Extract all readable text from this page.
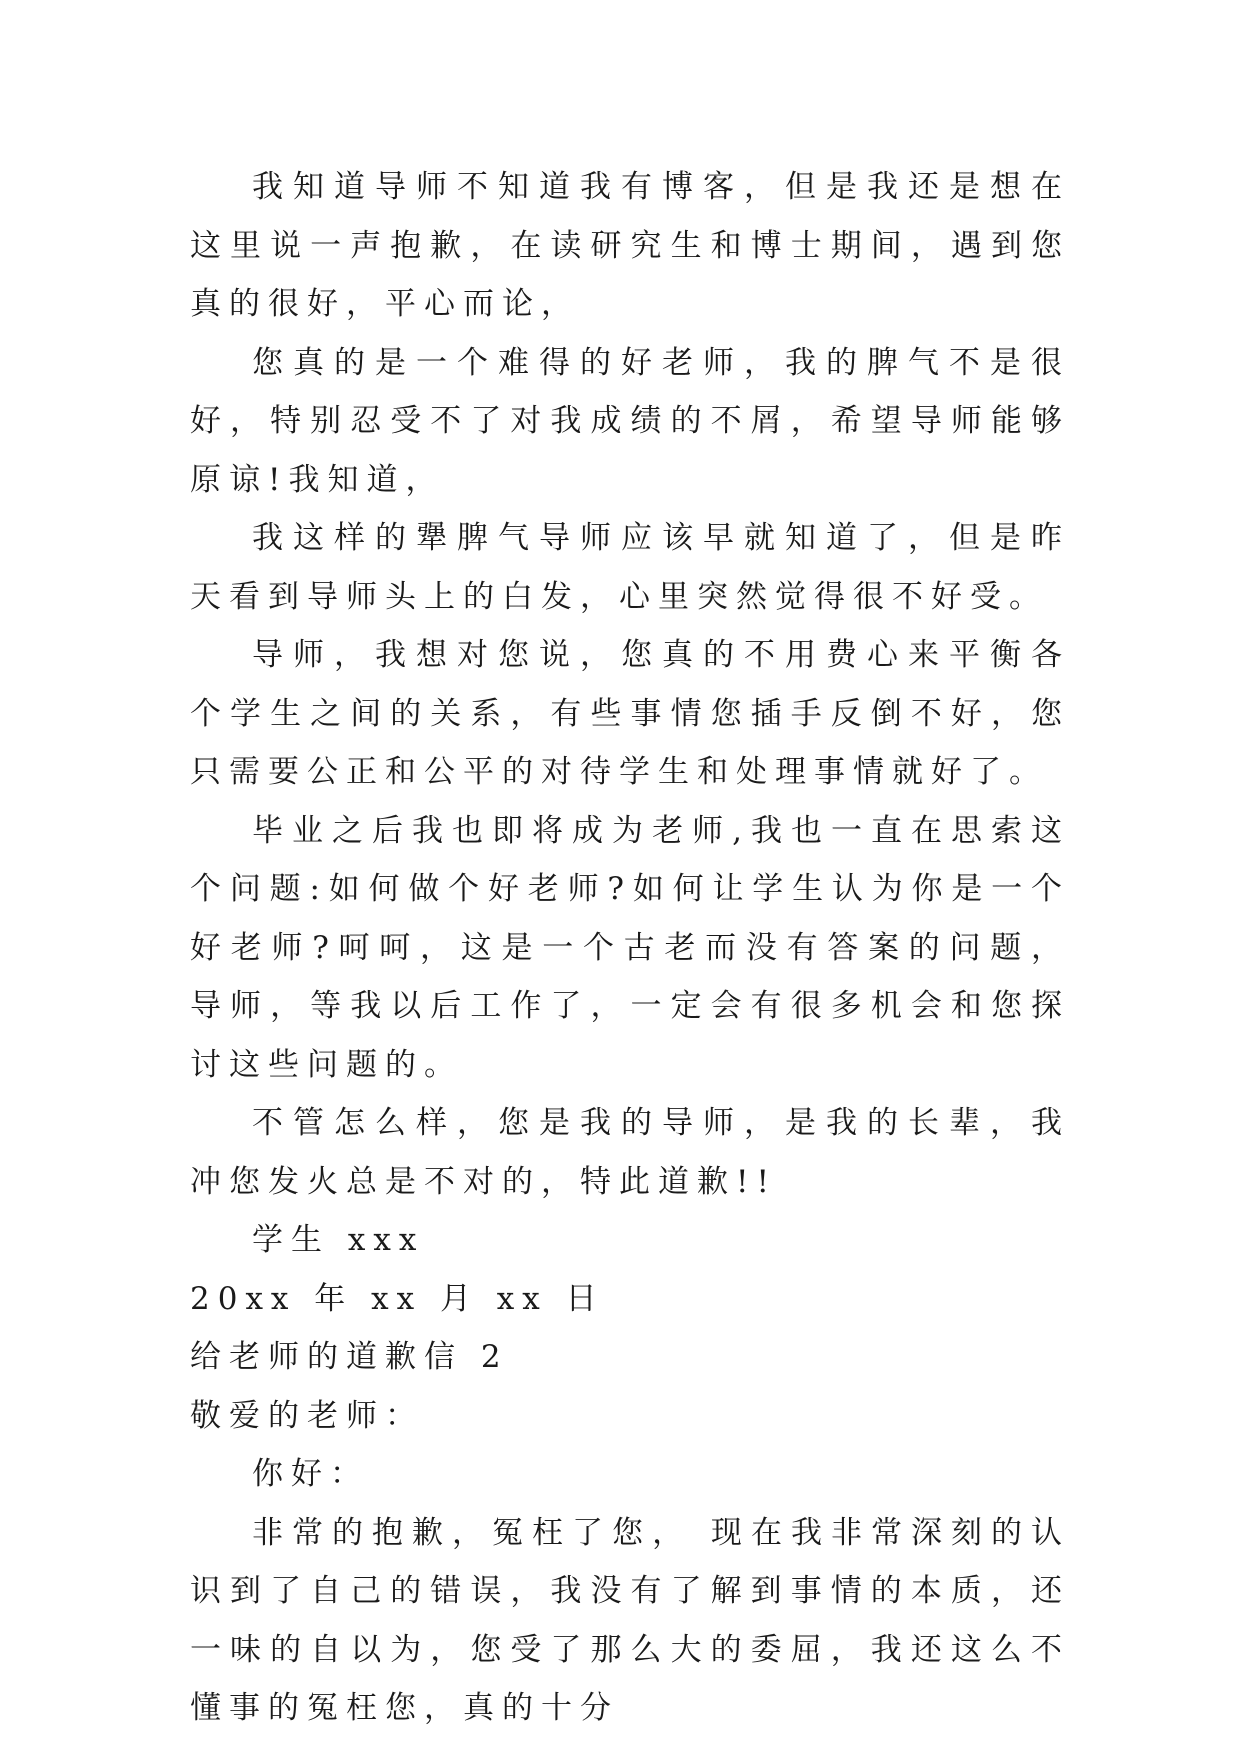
我知道导师不知道我有博客，但是我还是想在这里说一声抱歉，在读研究生和博士期间，遇到您真的很好，平心而论，

您真的是一个难得的好老师，我的脾气不是很好，特别忍受不了对我成绩的不屑，希望导师能够原谅!我知道，

我这样的犟脾气导师应该早就知道了，但是昨天看到导师头上的白发，心里突然觉得很不好受。

导师，我想对您说，您真的不用费心来平衡各个学生之间的关系，有些事情您插手反倒不好，您只需要公正和公平的对待学生和处理事情就好了。

毕业之后我也即将成为老师,我也一直在思索这个问题:如何做个好老师?如何让学生认为你是一个好老师?呵呵，这是一个古老而没有答案的问题，导师，等我以后工作了，一定会有很多机会和您探讨这些问题的。

不管怎么样，您是我的导师，是我的长辈，我冲您发火总是不对的，特此道歉!!

学生 xxx

20xx 年 xx 月 xx 日

给老师的道歉信 2

敬爱的老师：

你好：

非常的抱歉，冤枉了您， 现在我非常深刻的认识到了自己的错误，我没有了解到事情的本质，还一味的自以为，您受了那么大的委屈，我还这么不懂事的冤枉您，真的十分
